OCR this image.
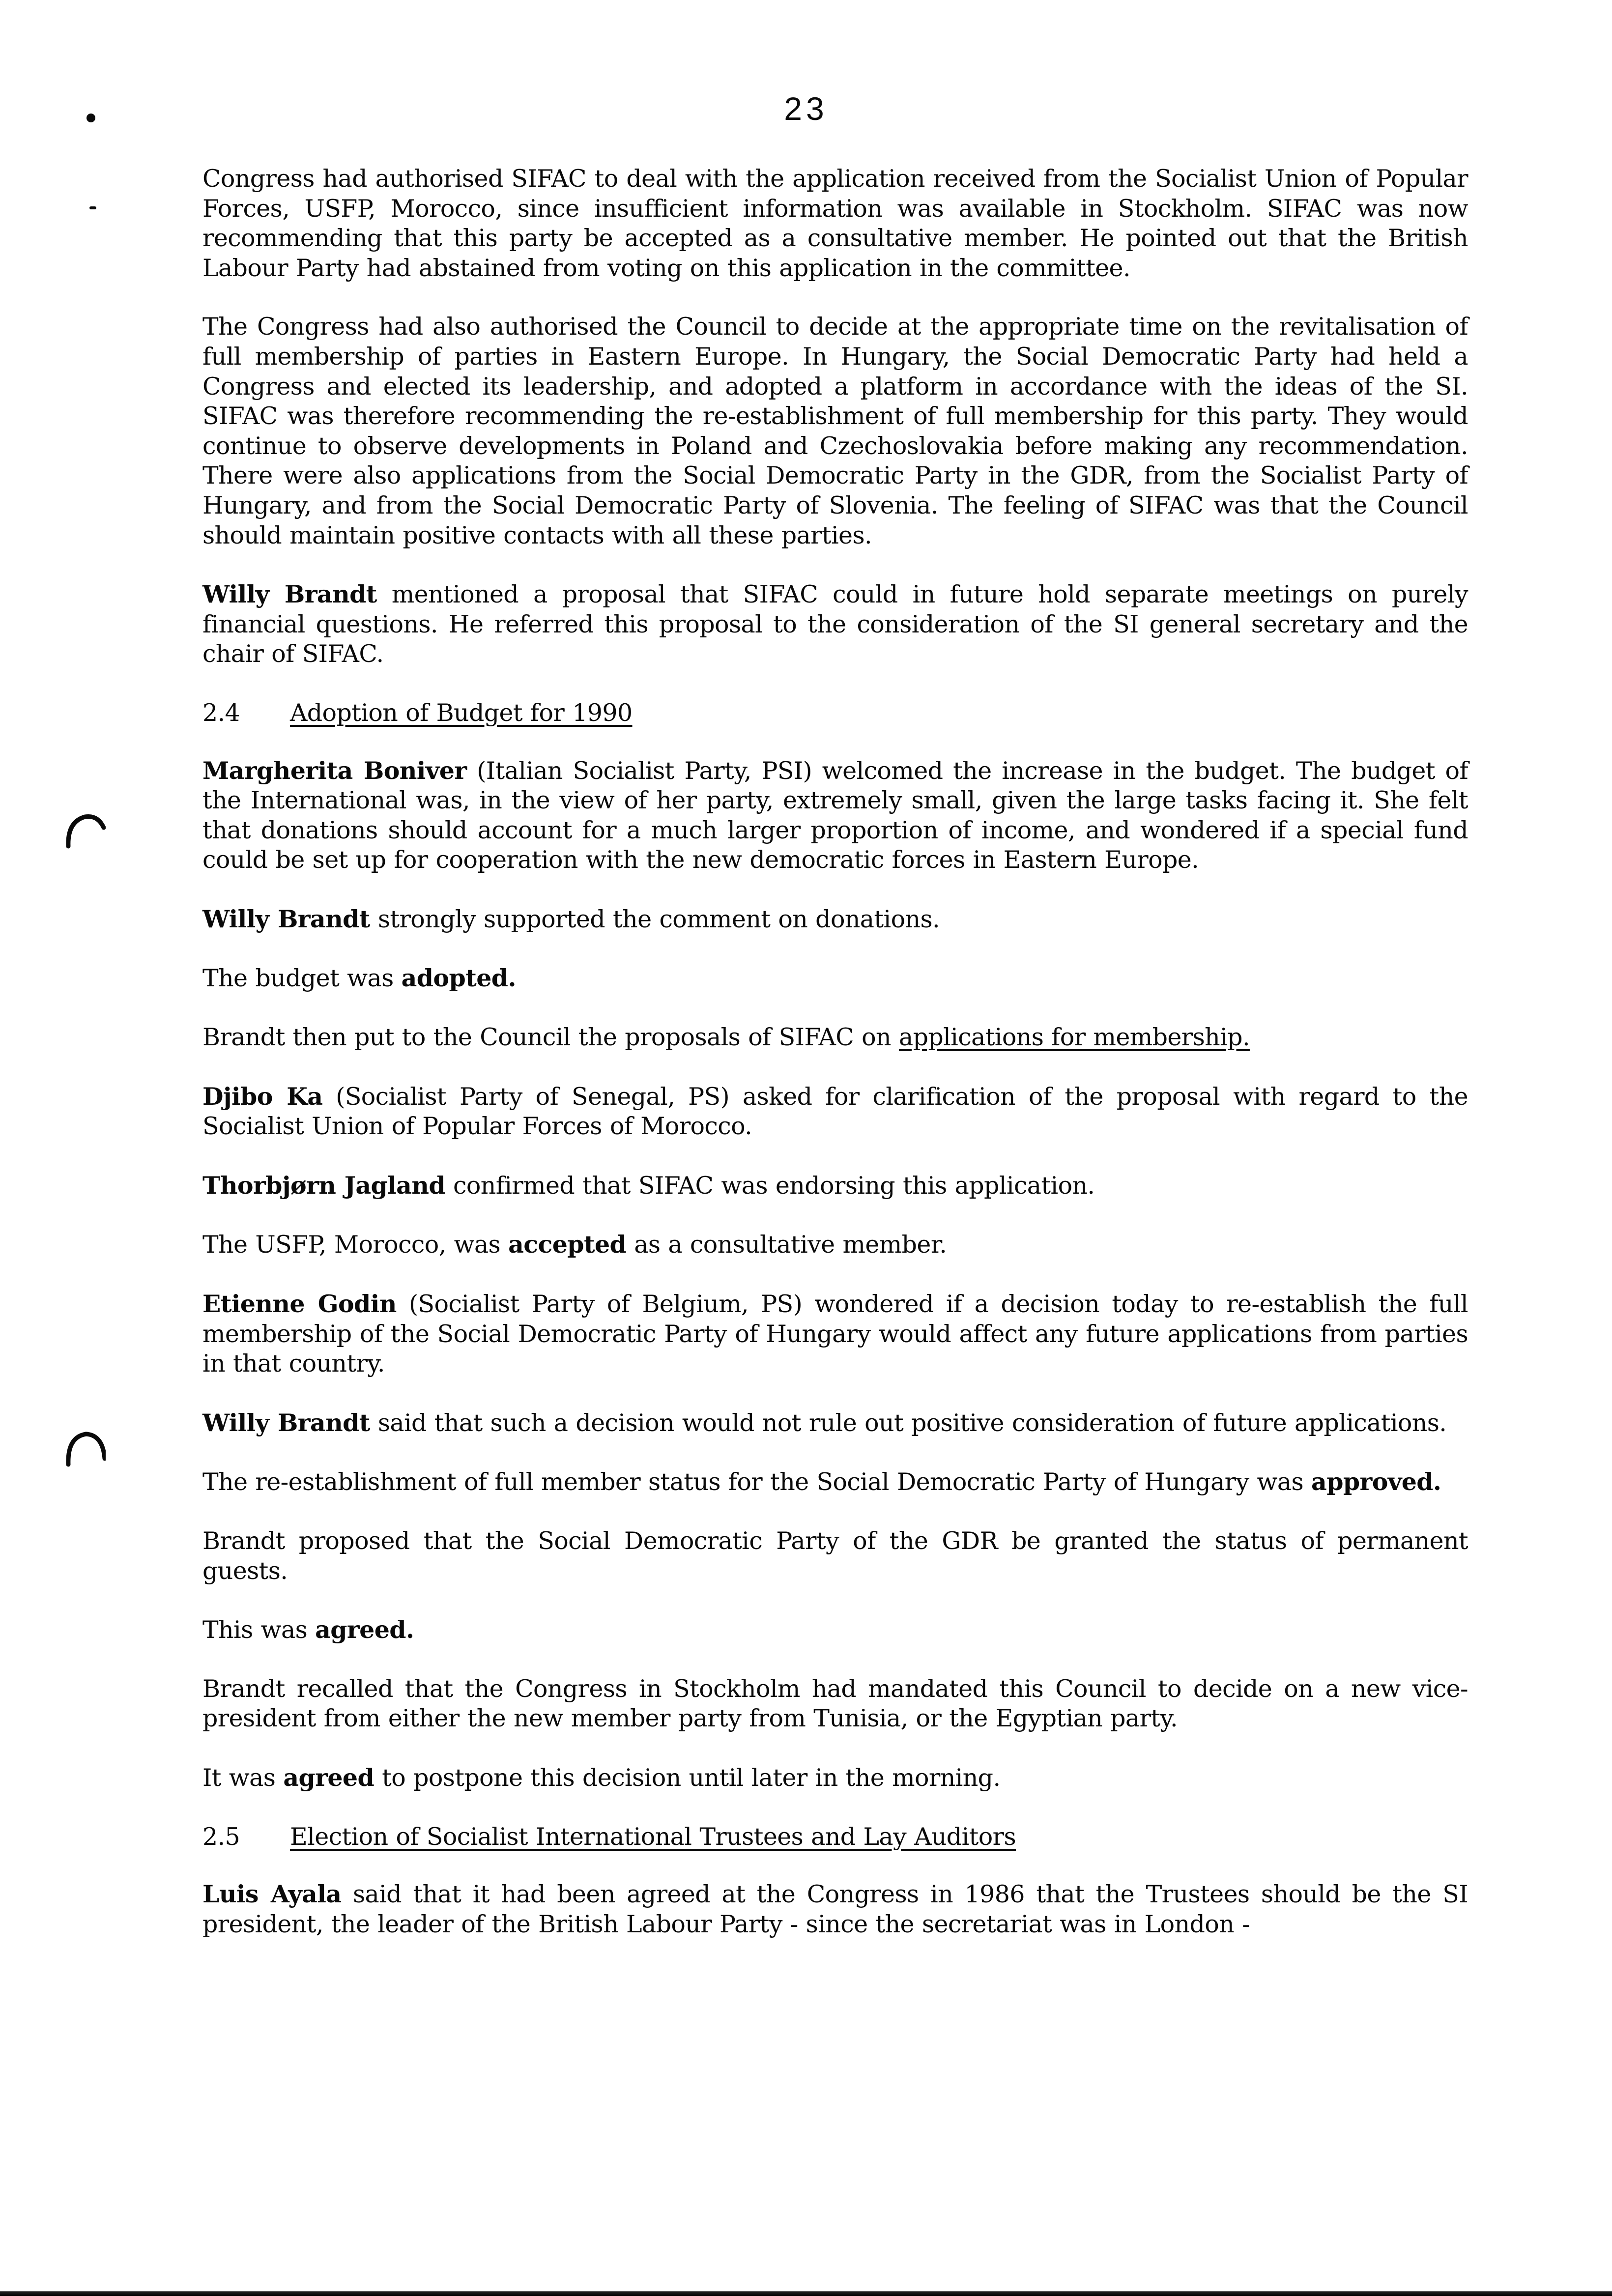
23

Congress had authorised SIFAC to deal with the application received from the Socialist Union of Popular Forces, USFP, Morocco, since insufficient information was available in Stockholm. SIFAC was now recommending that this party be accepted as a consultative member. He pointed out that the British Labour Party had abstained from voting on this application in the committee.

The Congress had also authorised the Council to decide at the appropriate time on the revitalisation of full membership of parties in Eastern Europe. In Hungary, the Social Democratic Party had held a Congress and elected its leadership, and adopted a platform in accordance with the ideas of the SI. SIFAC was therefore recommending the re-establishment of full membership for this party. They would continue to observe developments in Poland and Czechoslovakia before making any recommendation. There were also applications from the Social Democratic Party in the GDR, from the Socialist Party of Hungary, and from the Social Democratic Party of Slovenia. The feeling of SIFAC was that the Council should maintain positive contacts with all these parties.

Willy Brandt mentioned a proposal that SIFAC could in future hold separate meetings on purely financial questions. He referred this proposal to the consideration of the SI general secretary and the chair of SIFAC.

2.4	Adoption of Budget for 1990

Margherita Boniver (Italian Socialist Party, PSI) welcomed the increase in the budget. The budget of the International was, in the view of her party, extremely small, given the large tasks facing it. She felt that donations should account for a much larger proportion of income, and wondered if a special fund could be set up for cooperation with the new democratic forces in Eastern Europe.

Willy Brandt strongly supported the comment on donations.

The budget was adopted.

Brandt then put to the Council the proposals of SIFAC on applications for membership.

Djibo Ka (Socialist Party of Senegal, PS) asked for clarification of the proposal with regard to the Socialist Union of Popular Forces of Morocco.

Thorbjørn Jagland confirmed that SIFAC was endorsing this application.

The USFP, Morocco, was accepted as a consultative member.

Etienne Godin (Socialist Party of Belgium, PS) wondered if a decision today to re-establish the full membership of the Social Democratic Party of Hungary would affect any future applications from parties in that country.

Willy Brandt said that such a decision would not rule out positive consideration of future applications.

The re-establishment of full member status for the Social Democratic Party of Hungary was approved.

Brandt proposed that the Social Democratic Party of the GDR be granted the status of permanent guests.

This was agreed.

Brandt recalled that the Congress in Stockholm had mandated this Council to decide on a new vice-president from either the new member party from Tunisia, or the Egyptian party.

It was agreed to postpone this decision until later in the morning.

2.5	Election of Socialist International Trustees and Lay Auditors

Luis Ayala said that it had been agreed at the Congress in 1986 that the Trustees should be the SI president, the leader of the British Labour Party - since the secretariat was in London -
